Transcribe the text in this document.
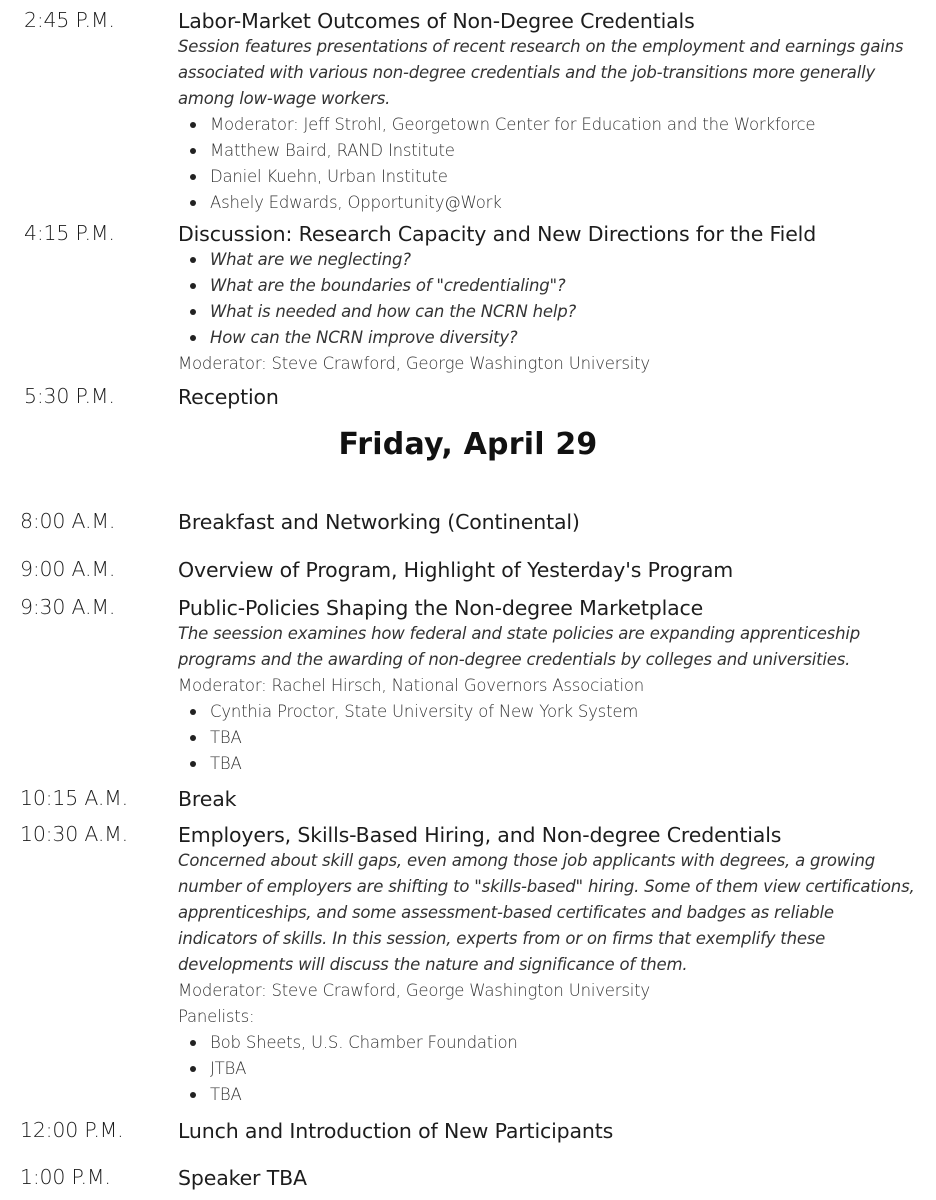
2:45 P.M.	Labor-Market Outcomes of Non-Degree Credentials
Session features presentations of recent research on the employment and earnings gains associated with various non-degree credentials and the job-transitions more generally among low-wage workers.
Moderator: Jeff Strohl, Georgetown Center for Education and the Workforce
Matthew Baird, RAND Institute
Daniel Kuehn, Urban Institute
Ashely Edwards, Opportunity@Work
4:15 P.M.	Discussion: Research Capacity and New Directions for the Field
What are we neglecting?
What are the boundaries of "credentialing"?
What is needed and how can the NCRN help?
How can the NCRN improve diversity?
Moderator: Steve Crawford, George Washington University
5:30 P.M.	Reception
Friday, April 29
8:00 A.M.	Breakfast and Networking (Continental)
9:00 A.M.	Overview of Program, Highlight of Yesterday's Program
9:30 A.M.	Public-Policies Shaping the Non-degree Marketplace
The seession examines how federal and state policies are expanding apprenticeship programs and the awarding of non-degree credentials by colleges and universities.
Moderator: Rachel Hirsch, National Governors Association
Cynthia Proctor, State University of New York System
TBA
TBA
10:15 A.M. Break
10:30 A.M. Employers, Skills-Based Hiring, and Non-degree Credentials
Concerned about skill gaps, even among those job applicants with degrees, a growing number of employers are shifting to "skills-based" hiring. Some of them view certifications, apprenticeships, and some assessment-based certificates and badges as reliable indicators of skills. In this session, experts from or on firms that exemplify these developments will discuss the nature and significance of them.
Moderator: Steve Crawford, George Washington University
Panelists:
Bob Sheets, U.S. Chamber Foundation
JTBA
TBA
12:00 P.M.	Lunch and Introduction of New Participants
1:00 P.M.	Speaker TBA
